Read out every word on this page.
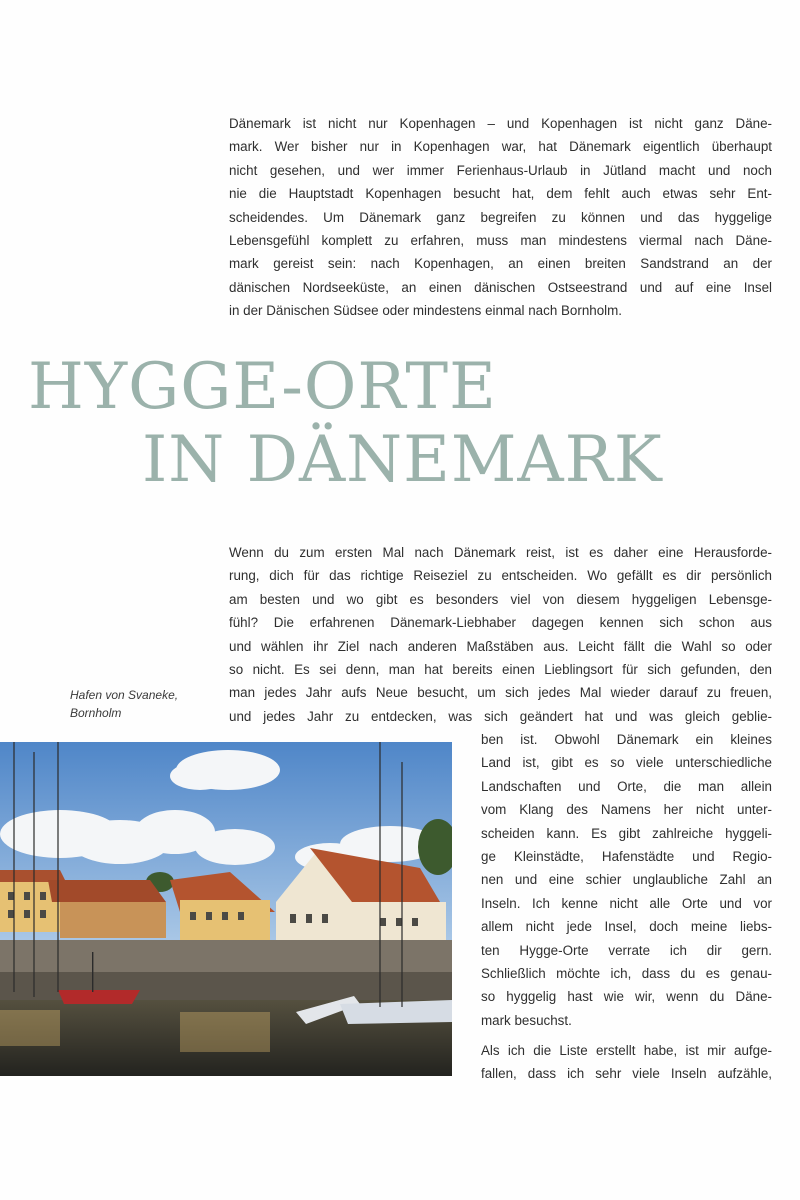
Dänemark ist nicht nur Kopenhagen – und Kopenhagen ist nicht ganz Däne-
mark. Wer bisher nur in Kopenhagen war, hat Dänemark eigentlich überhaupt
nicht gesehen, und wer immer Ferienhaus-Urlaub in Jütland macht und noch
nie die Hauptstadt Kopenhagen besucht hat, dem fehlt auch etwas sehr Ent-
scheidendes. Um Dänemark ganz begreifen zu können und das hyggelige
Lebensgefühl komplett zu erfahren, muss man mindestens viermal nach Däne-
mark gereist sein: nach Kopenhagen, an einen breiten Sandstrand an der
dänischen Nordseeküste, an einen dänischen Ostseestrand und auf eine Insel
in der Dänischen Südsee oder mindestens einmal nach Bornholm.
HYGGE-ORTE
IN DÄNEMARK
Wenn du zum ersten Mal nach Dänemark reist, ist es daher eine Herausforde-
rung, dich für das richtige Reiseziel zu entscheiden. Wo gefällt es dir persönlich
am besten und wo gibt es besonders viel von diesem hyggeligen Lebensge-
fühl? Die erfahrenen Dänemark-Liebhaber dagegen kennen sich schon aus
und wählen ihr Ziel nach anderen Maßstäben aus. Leicht fällt die Wahl so oder
so nicht. Es sei denn, man hat bereits einen Lieblingsort für sich gefunden, den
man jedes Jahr aufs Neue besucht, um sich jedes Mal wieder darauf zu freuen,
und jedes Jahr zu entdecken, was sich geändert hat und was gleich geblie-
ben ist. Obwohl Dänemark ein kleines
Land ist, gibt es so viele unterschiedliche
Landschaften und Orte, die man allein
vom Klang des Namens her nicht unter-
scheiden kann. Es gibt zahlreiche hyggeli-
ge Kleinstädte, Hafenstädte und Regio-
nen und eine schier unglaubliche Zahl an
Inseln. Ich kenne nicht alle Orte und vor
allem nicht jede Insel, doch meine liebs-
ten Hygge-Orte verrate ich dir gern.
Schließlich möchte ich, dass du es genau-
so hyggelig hast wie wir, wenn du Däne-
mark besuchst.
Als ich die Liste erstellt habe, ist mir aufge-
fallen, dass ich sehr viele Inseln aufzähle,
Hafen von Svaneke,
Bornholm
